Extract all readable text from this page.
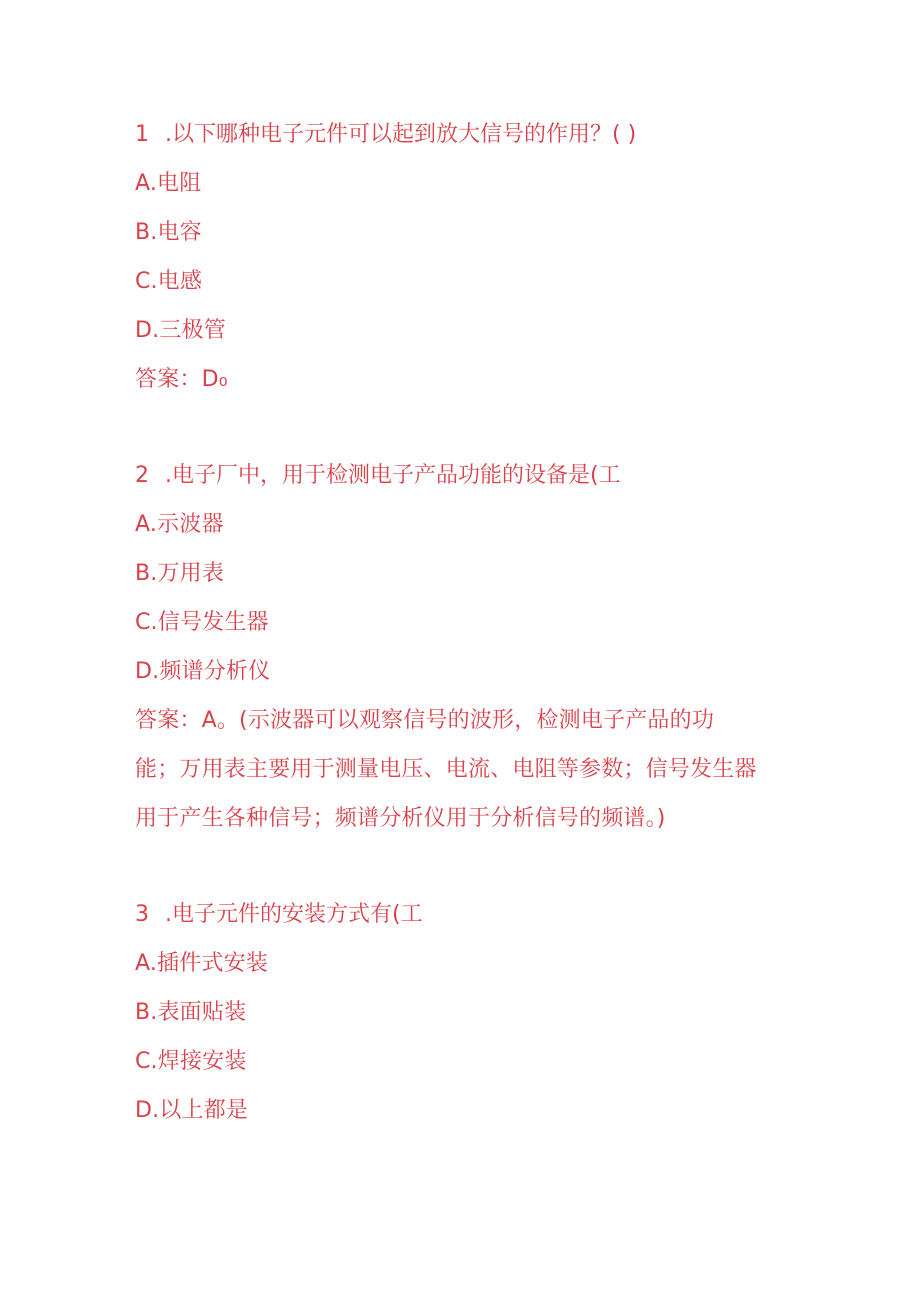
1 .以下哪种电子元件可以起到放大信号的作用？( )
A.电阻
B.电容
C.电感
D.三极管
答案：D₀
2 .电子厂中，用于检测电子产品功能的设备是(工
A.示波器
B.万用表
C.信号发生器
D.频谱分析仪
答案：A。(示波器可以观察信号的波形，检测电子产品的功
能；万用表主要用于测量电压、电流、电阻等参数；信号发生器
用于产生各种信号；频谱分析仪用于分析信号的频谱。)
3 .电子元件的安装方式有(工
A.插件式安装
B.表面贴装
C.焊接安装
D.以上都是
